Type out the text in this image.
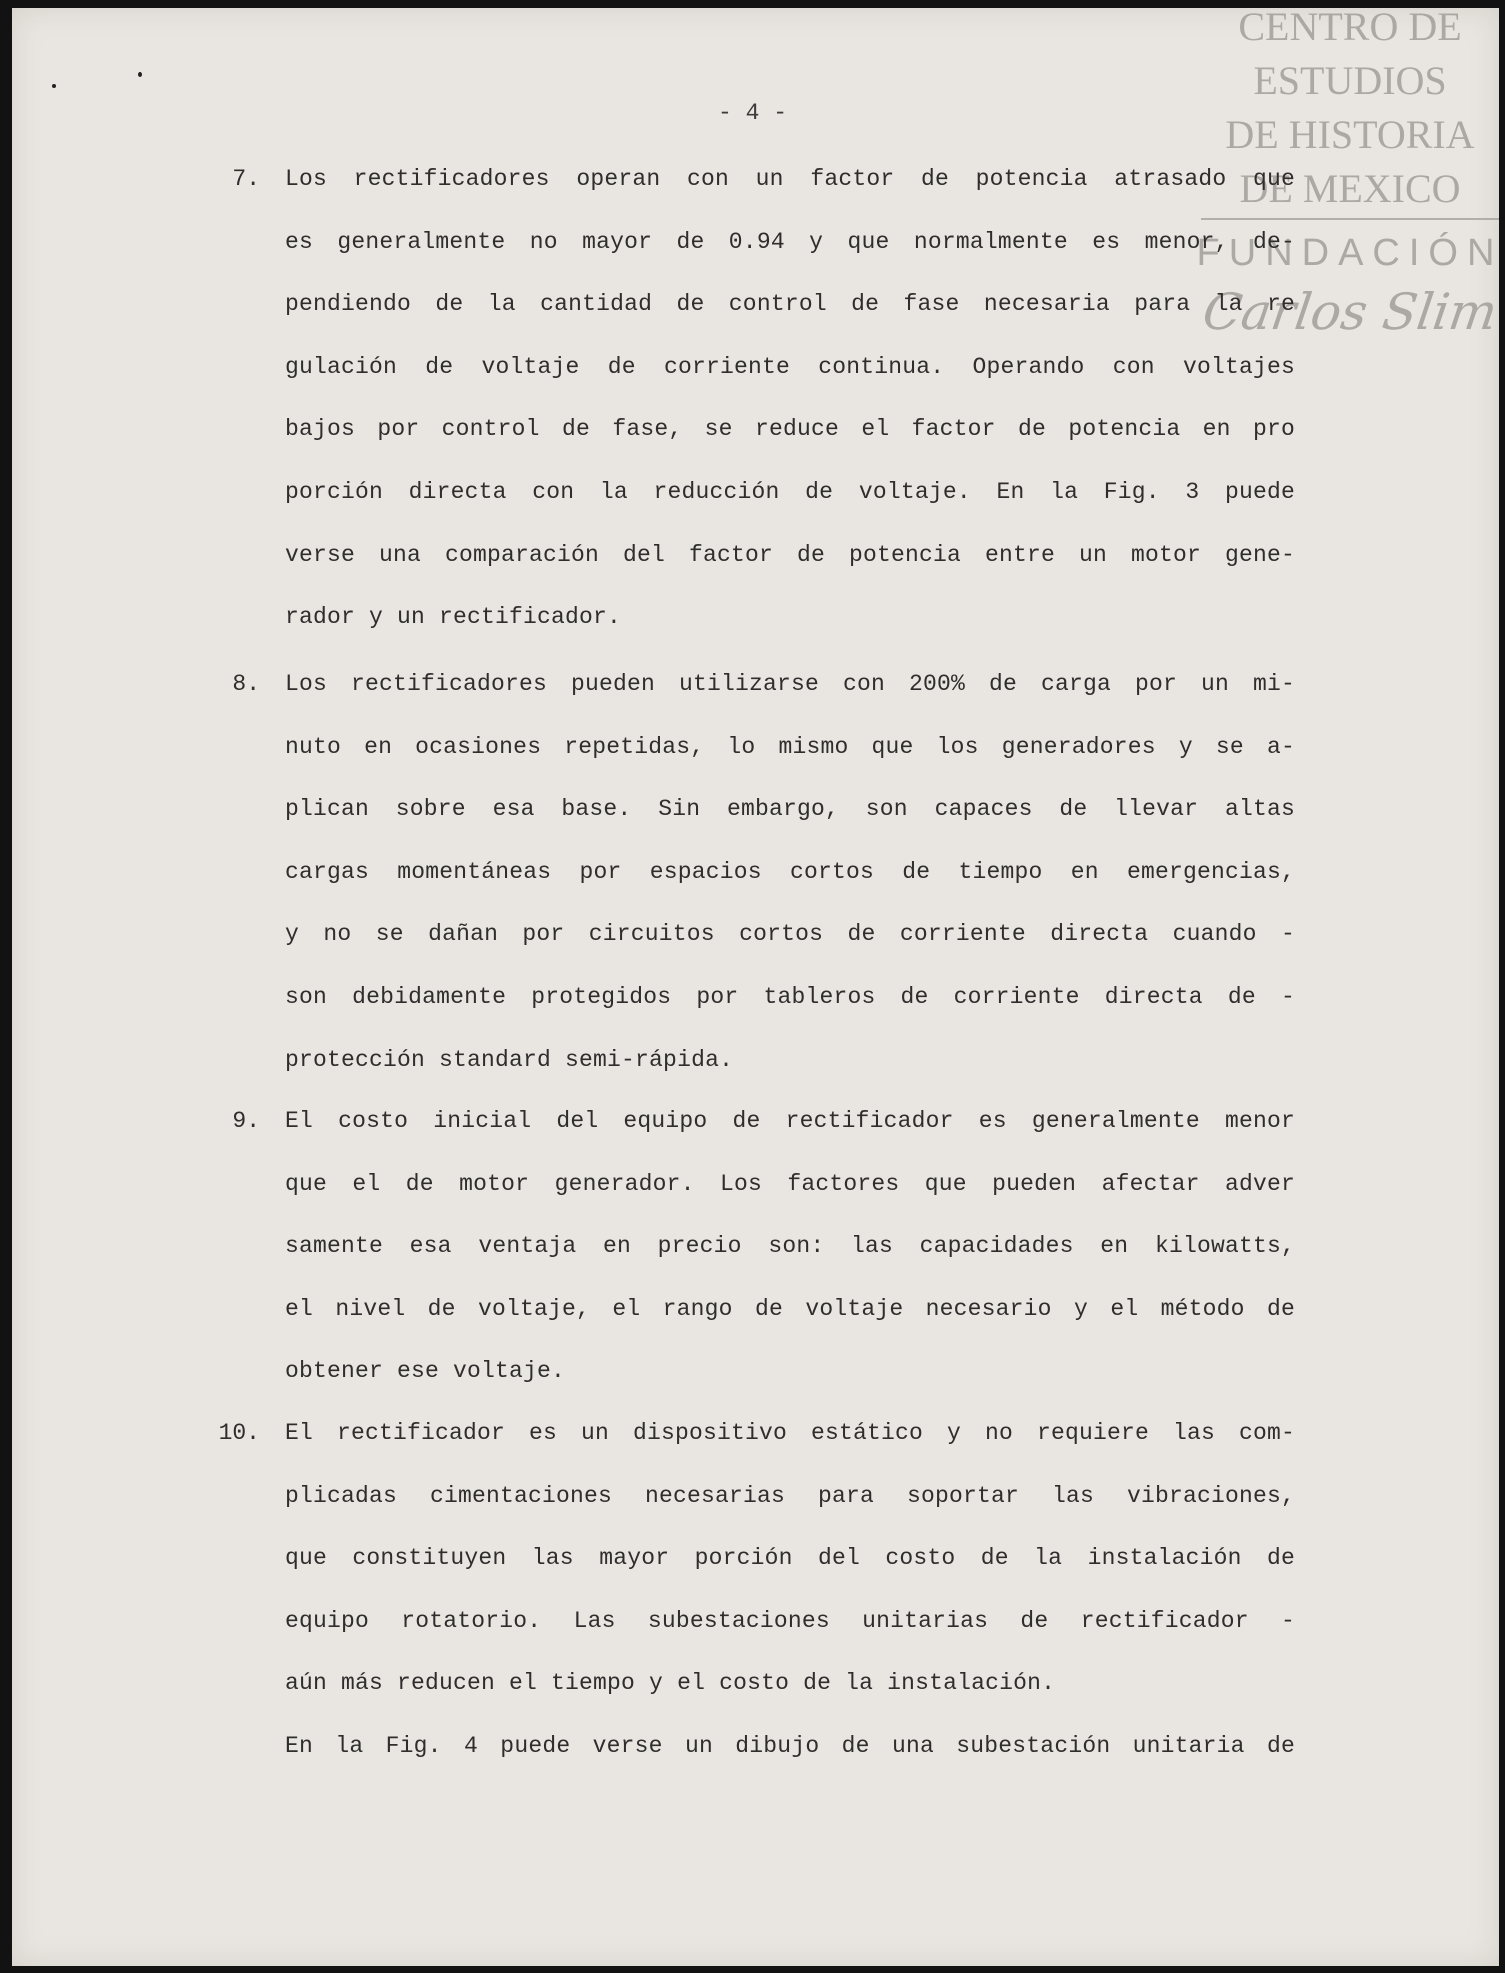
CENTRO DE
ESTUDIOS
DE HISTORIA
DE MEXICO
FUNDACIÓN
Carlos Slim
- 4 -
7. Los rectificadores operan con un factor de potencia atrasado que
es generalmente no mayor de 0.94 y que normalmente es menor, de-
pendiendo de la cantidad de control de fase necesaria para la re
gulación de voltaje de corriente continua. Operando con voltajes
bajos por control de fase, se reduce el factor de potencia en pro
porción directa con la reducción de voltaje. En la Fig. 3 puede
verse una comparación del factor de potencia entre un motor gene-
rador y un rectificador.
8. Los rectificadores pueden utilizarse con 200% de carga por un mi-
nuto en ocasiones repetidas, lo mismo que los generadores y se a-
plican sobre esa base. Sin embargo, son capaces de llevar altas
cargas momentáneas por espacios cortos de tiempo en emergencias,
y no se dañan por circuitos cortos de corriente directa cuando -
son debidamente protegidos por tableros de corriente directa de -
protección standard semi-rápida.
9. El costo inicial del equipo de rectificador es generalmente menor
que el de motor generador. Los factores que pueden afectar adver
samente esa ventaja en precio son: las capacidades en kilowatts,
el nivel de voltaje, el rango de voltaje necesario y el método de
obtener ese voltaje.
10. El rectificador es un dispositivo estático y no requiere las com-
plicadas cimentaciones necesarias para soportar las vibraciones,
que constituyen las mayor porción del costo de la instalación de
equipo rotatorio. Las subestaciones unitarias de rectificador -
aún más reducen el tiempo y el costo de la instalación.
En la Fig. 4 puede verse un dibujo de una subestación unitaria de
